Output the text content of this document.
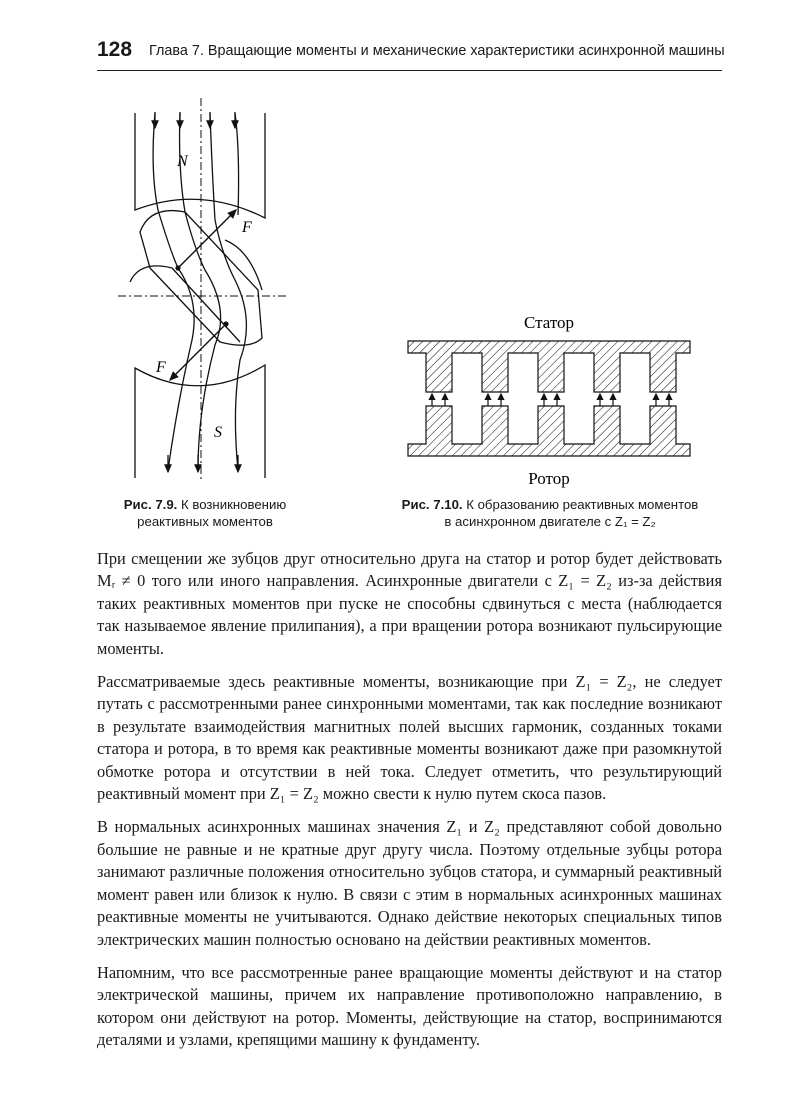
128 Глава 7. Вращающие моменты и механические характеристики асинхронной машины
N
F
F
S
Рис. 7.9. К возникновению
реактивных моментов
Статор
Ротор
Рис. 7.10. К образованию реактивных моментов
в асинхронном двигателе с Z₁ = Z₂

При смещении же зубцов друг относительно друга на статор и ротор будет действовать Mᵣ ≠ 0 того или иного направления. Асинхронные двигатели с Z₁ = Z₂ из-за действия таких реактивных моментов при пуске не способны сдвинуться с места (наблюдается так называемое явление прилипания), а при вращении ротора возникают пульсирующие моменты.

Рассматриваемые здесь реактивные моменты, возникающие при Z₁ = Z₂, не следует путать с рассмотренными ранее синхронными моментами, так как последние возникают в результате взаимодействия магнитных полей высших гармоник, созданных токами статора и ротора, в то время как реактивные моменты возникают даже при разомкнутой обмотке ротора и отсутствии в ней тока. Следует отметить, что результирующий реактивный момент при Z₁ = Z₂ можно свести к нулю путем скоса пазов.

В нормальных асинхронных машинах значения Z₁ и Z₂ представляют собой довольно большие не равные и не кратные друг другу числа. Поэтому отдельные зубцы ротора занимают различные положения относительно зубцов статора, и суммарный реактивный момент равен или близок к нулю. В связи с этим в нормальных асинхронных машинах реактивные моменты не учитываются. Однако действие некоторых специальных типов электрических машин полностью основано на действии реактивных моментов.

Напомним, что все рассмотренные ранее вращающие моменты действуют и на статор электрической машины, причем их направление противоположно направлению, в котором они действуют на ротор. Моменты, действующие на статор, воспринимаются деталями и узлами, крепящими машину к фундаменту.
